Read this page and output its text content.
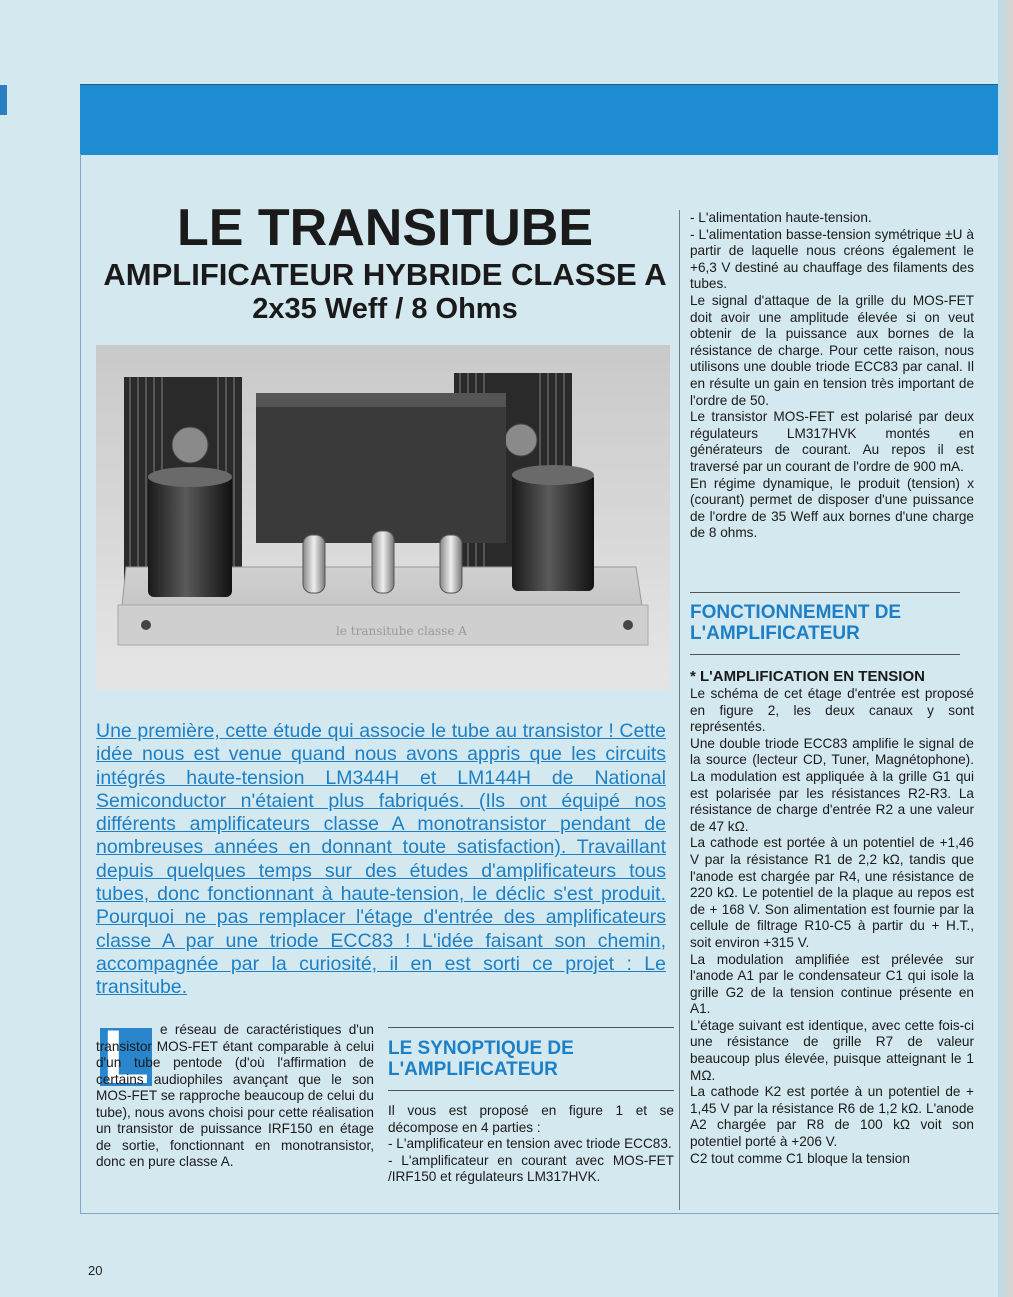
LE TRANSITUBE
AMPLIFICATEUR HYBRIDE CLASSE A
2x35 Weff / 8 Ohms
le transitube classe A

Une première, cette étude qui associe le tube au transistor ! Cette idée nous est venue quand nous avons appris que les circuits intégrés haute-tension LM344H et LM144H de National Semiconductor n'étaient plus fabriqués. (Ils ont équipé nos différents amplificateurs classe A monotransistor pendant de nombreuses années en donnant toute satisfaction). Travaillant depuis quelques temps sur des études d'amplificateurs tous tubes, donc fonctionnant à haute-tension, le déclic s'est produit. Pourquoi ne pas remplacer l'étage d'entrée des amplificateurs classe A par une triode ECC83 ! L'idée faisant son chemin, accompagnée par la curiosité, il en est sorti ce projet : Le transitube.

L e réseau de caractéristiques d'un transistor MOS-FET étant comparable à celui d'un tube pentode (d'où l'affirmation de certains audiophiles avançant que le son MOS-FET se rapproche beaucoup de celui du tube), nous avons choisi pour cette réalisation un transistor de puissance IRF150 en étage de sortie, fonctionnant en monotransistor, donc en pure classe A.

LE SYNOPTIQUE DE L'AMPLIFICATEUR
Il vous est proposé en figure 1 et se décompose en 4 parties :
- L'amplificateur en tension avec triode ECC83.
- L'amplificateur en courant avec MOS-FET /IRF150 et régulateurs LM317HVK.
- L'alimentation haute-tension.
- L'alimentation basse-tension symétrique ±U à partir de laquelle nous créons également le +6,3 V destiné au chauffage des filaments des tubes.
Le signal d'attaque de la grille du MOS-FET doit avoir une amplitude élevée si on veut obtenir de la puissance aux bornes de la résistance de charge. Pour cette raison, nous utilisons une double triode ECC83 par canal. Il en résulte un gain en tension très important de l'ordre de 50.
Le transistor MOS-FET est polarisé par deux régulateurs LM317HVK montés en générateurs de courant. Au repos il est traversé par un courant de l'ordre de 900 mA.
En régime dynamique, le produit (tension) x (courant) permet de disposer d'une puissance de l'ordre de 35 Weff aux bornes d'une charge de 8 ohms.
FONCTIONNEMENT DE L'AMPLIFICATEUR
* L'AMPLIFICATION EN TENSION
Le schéma de cet étage d'entrée est proposé en figure 2, les deux canaux y sont représentés.
Une double triode ECC83 amplifie le signal de la source (lecteur CD, Tuner, Magnétophone). La modulation est appliquée à la grille G1 qui est polarisée par les résistances R2-R3. La résistance de charge d'entrée R2 a une valeur de 47 kΩ.
La cathode est portée à un potentiel de +1,46 V par la résistance R1 de 2,2 kΩ, tandis que l'anode est chargée par R4, une résistance de 220 kΩ. Le potentiel de la plaque au repos est de + 168 V. Son alimentation est fournie par la cellule de filtrage R10-C5 à partir du + H.T., soit environ +315 V.
La modulation amplifiée est prélevée sur l'anode A1 par le condensateur C1 qui isole la grille G2 de la tension continue présente en A1.
L'étage suivant est identique, avec cette fois-ci une résistance de grille R7 de valeur beaucoup plus élevée, puisque atteignant le 1 MΩ.
La cathode K2 est portée à un potentiel de + 1,45 V par la résistance R6 de 1,2 kΩ. L'anode A2 chargée par R8 de 100 kΩ voit son potentiel porté à +206 V.
C2 tout comme C1 bloque la tension
20
